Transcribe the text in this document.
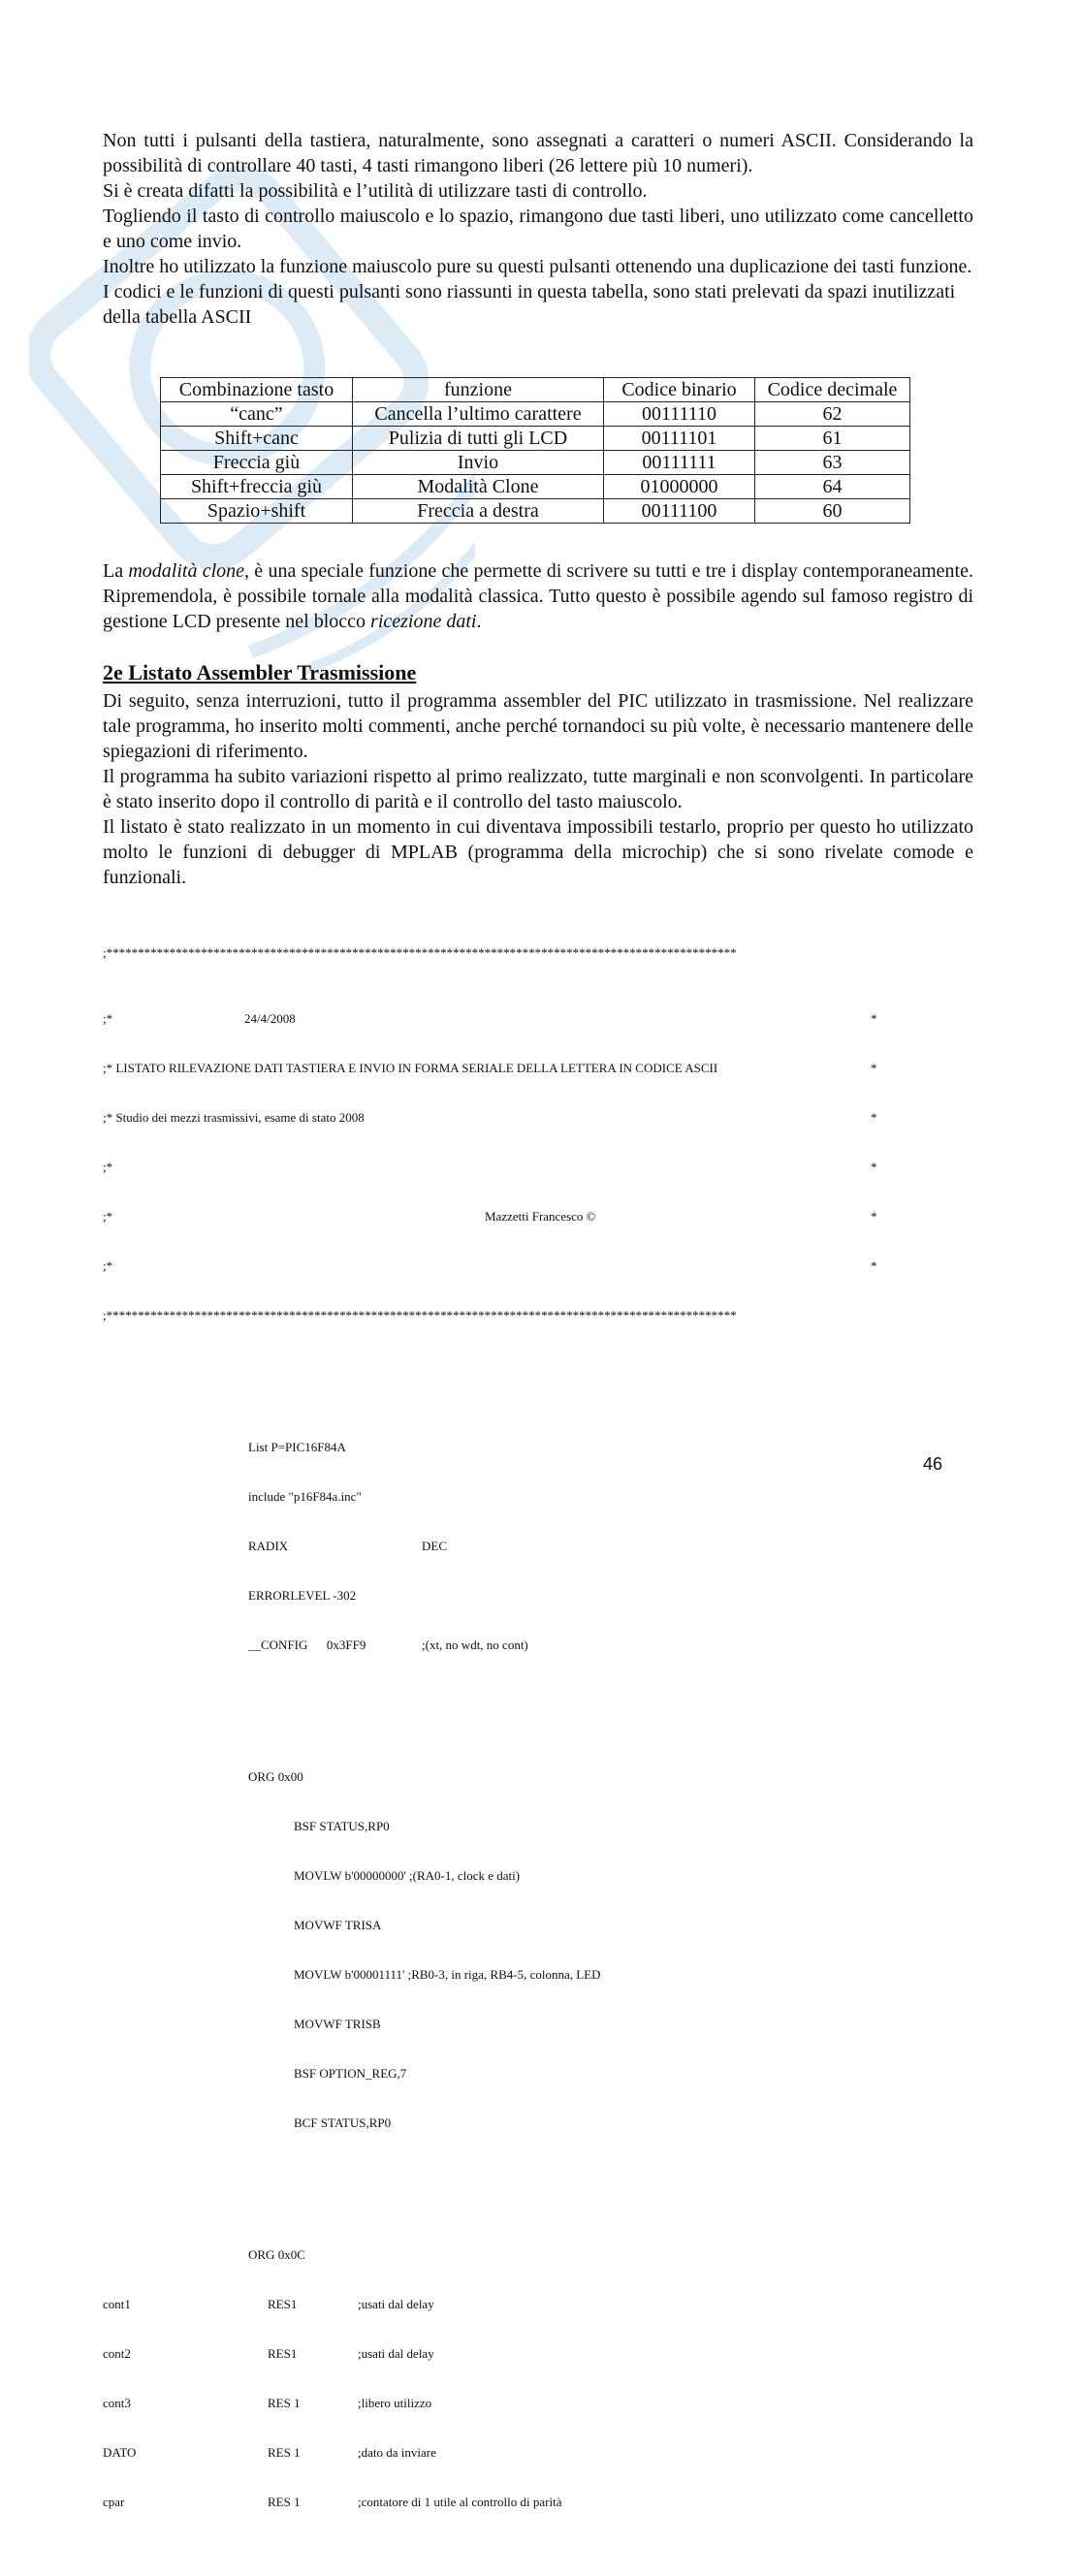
Non tutti i pulsanti della tastiera, naturalmente, sono assegnati a caratteri o numeri ASCII. Considerando la possibilità di controllare 40 tasti, 4 tasti rimangono liberi (26 lettere più 10 numeri).

Si è creata difatti la possibilità e l’utilità di utilizzare tasti di controllo.

Togliendo il tasto di controllo maiuscolo e lo spazio, rimangono due tasti liberi, uno utilizzato come cancelletto e uno come invio.

Inoltre ho utilizzato la funzione maiuscolo pure su questi pulsanti ottenendo una duplicazione dei tasti funzione.

I codici e le funzioni di questi pulsanti sono riassunti in questa tabella, sono stati prelevati da spazi inutilizzati della tabella ASCII

Combinazione tasto	funzione	Codice binario	Codice decimale
“canc”	Cancella l’ultimo carattere	00111110	62
Shift+canc	Pulizia di tutti gli LCD	00111101	61
Freccia giù	Invio	00111111	63
Shift+freccia giù	Modalità Clone	01000000	64
Spazio+shift	Freccia a destra	00111100	60

La modalità clone, è una speciale funzione che permette di scrivere su tutti e tre i display contemporaneamente. Ripremendola, è possibile tornale alla modalità classica. Tutto questo è possibile agendo sul famoso registro di gestione LCD presente nel blocco ricezione dati.

2e Listato Assembler Trasmissione

Di seguito, senza interruzioni, tutto il programma assembler del PIC utilizzato in trasmissione. Nel realizzare tale programma, ho inserito molti commenti, anche perché tornandoci su più volte, è necessario mantenere delle spiegazioni di riferimento.

Il programma ha subito variazioni rispetto al primo realizzato, tutte marginali e non sconvolgenti. In particolare è stato inserito dopo il controllo di parità e il controllo del tasto maiuscolo.

Il listato è stato realizzato in un momento in cui diventava impossibili testarlo, proprio per questo ho utilizzato molto le funzioni di debugger di MPLAB (programma della microchip) che si sono rivelate comode e funzionali.

;****************************************************************************************************

;*

	24/4/2008

	*

;* LISTATO RILEVAZIONE DATI TASTIERA E INVIO IN FORMA SERIALE DELLA LETTERA IN CODICE ASCII

	*

;* Studio dei mezzi trasmissivi, esame di stato 2008

	*

;*

	*

;*

	Mazzetti Francesco ©

	*

;*

	*

;****************************************************************************************************

List P=PIC16F84A

include "p16F84a.inc"

RADIX

	DEC

ERRORLEVEL -302

__CONFIG      0x3FF9

	;(xt, no wdt, no cont)

ORG 0x00

BSF STATUS,RP0

MOVLW b'00000000' ;(RA0-1, clock e dati)

MOVWF TRISA

MOVLW b'00001111' ;RB0-3, in riga, RB4-5, colonna, LED

MOVWF TRISB

BSF OPTION_REG,7

BCF STATUS,RP0

ORG 0x0C

cont1

	RES1

	;usati dal delay

cont2

	RES1

	;usati dal delay

cont3

	RES 1

	;libero utilizzo

DATO

	RES 1

	;dato da inviare

cpar

	RES 1

	;contatore di 1 utile al controllo di parità

46
